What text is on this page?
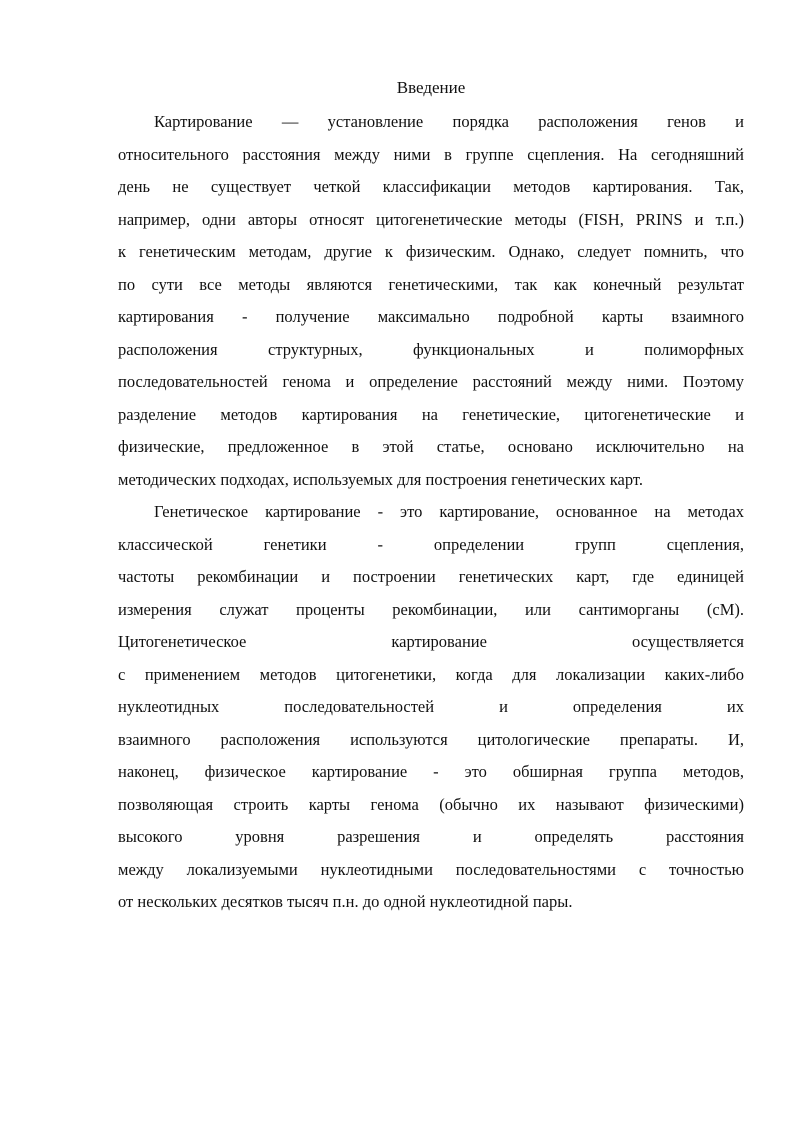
Введение
Картирование — установление порядка расположения генов и
относительного расстояния между ними в группе сцепления. На сегодняшний
день не существует четкой классификации методов картирования. Так,
например, одни авторы относят цитогенетические методы (FISH, PRINS и т.п.)
к генетическим методам, другие к физическим. Однако, следует помнить, что
по сути все методы являются генетическими, так как конечный результат
картирования - получение максимально подробной карты взаимного
расположения структурных, функциональных и полиморфных
последовательностей генома и определение расстояний между ними. Поэтому
разделение методов картирования на генетические, цитогенетические и
физические, предложенное в этой статье, основано исключительно на
методических подходах, используемых для построения генетических карт.
Генетическое картирование - это картирование, основанное на методах
классической генетики - определении групп сцепления,
частоты рекомбинации и построении генетических карт, где единицей
измерения служат проценты рекомбинации, или сантиморганы (cM).
Цитогенетическое картирование осуществляется
с применением методов цитогенетики, когда для локализации каких-либо
нуклеотидных последовательностей и определения их
взаимного расположения используются цитологические препараты. И,
наконец, физическое картирование - это обширная группа методов,
позволяющая строить карты генома (обычно их называют физическими)
высокого уровня разрешения и определять расстояния
между локализуемыми нуклеотидными последовательностями с точностью
от нескольких десятков тысяч п.н. до одной нуклеотидной пары.
